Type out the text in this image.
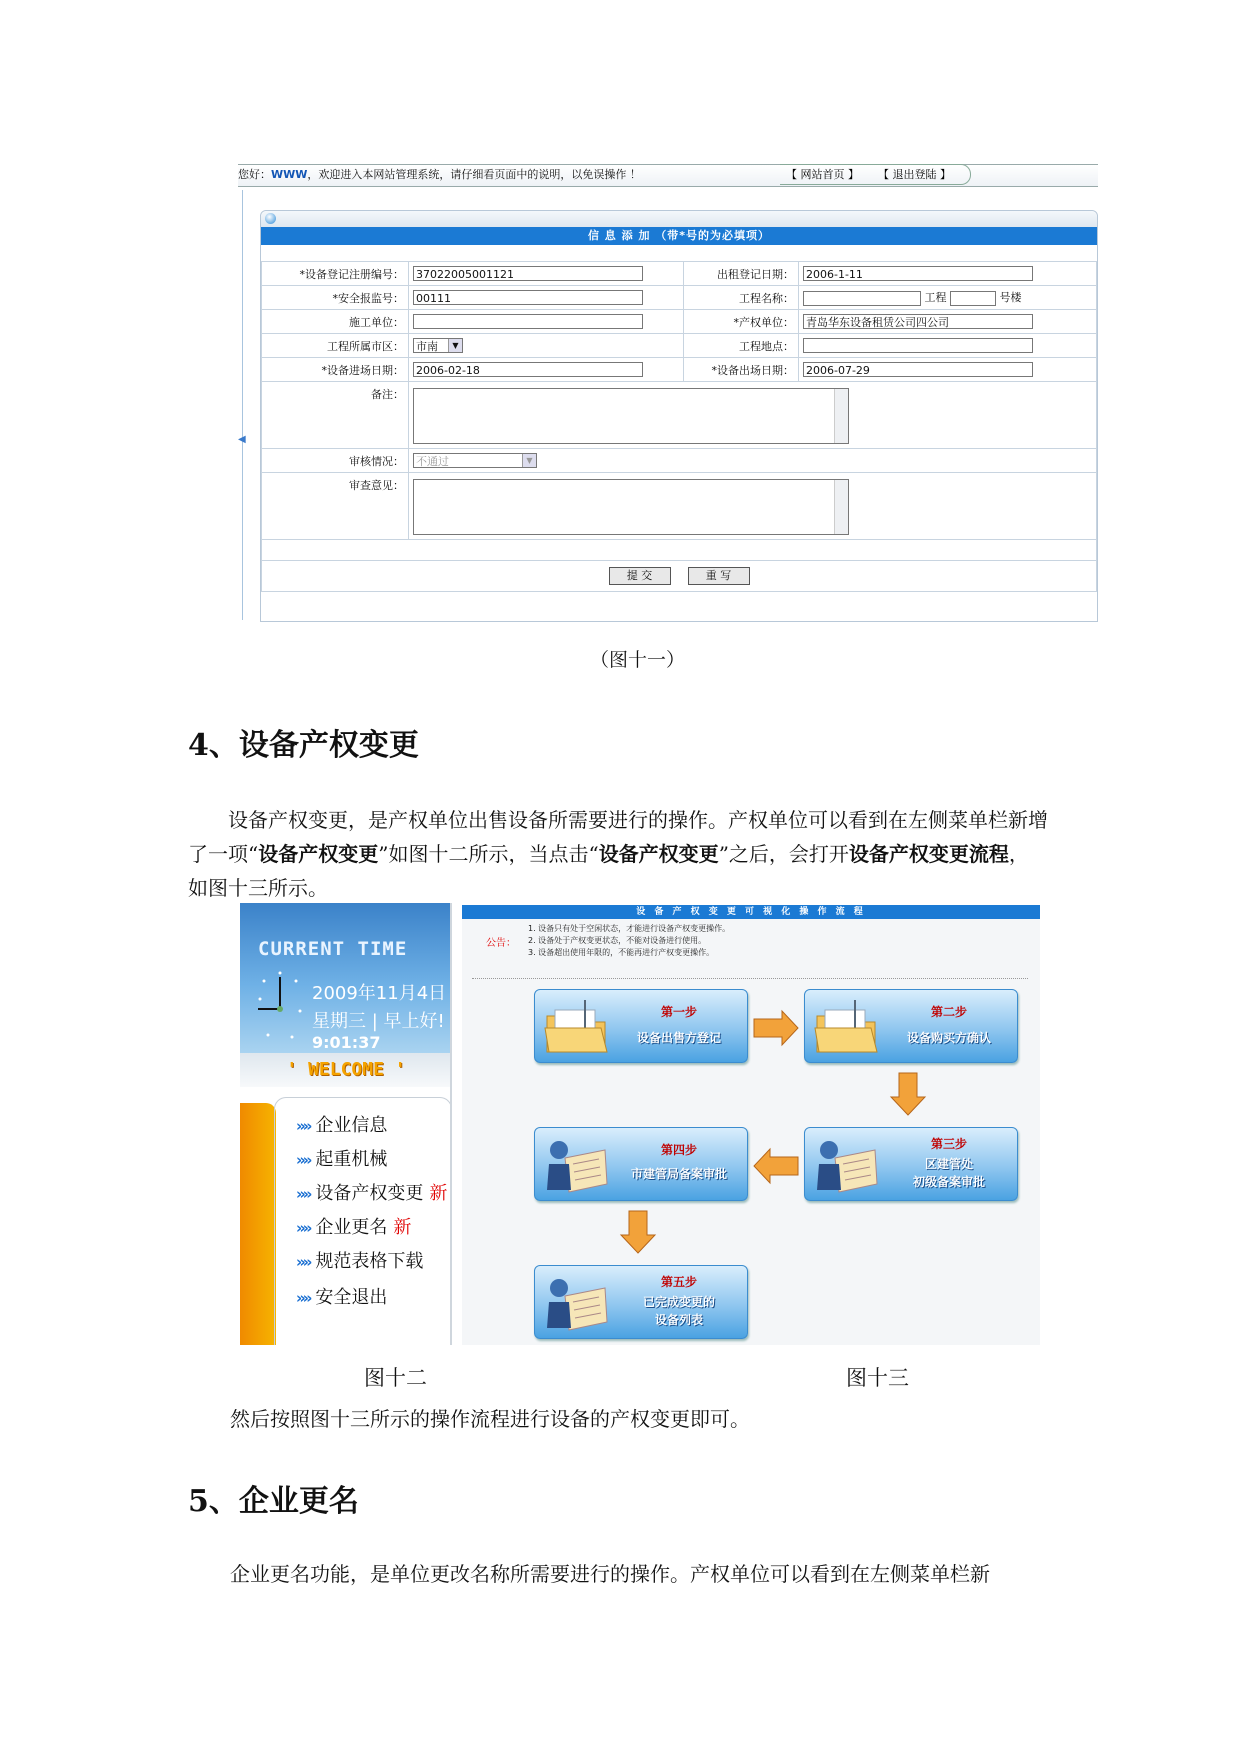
您好：WWW，欢迎进入本网站管理系统，请仔细看页面中的说明，以免误操作 ！	【 网站首页 】 【 退出登陆 】
◀
信 息 添 加 （带*号的为必填项）
*设备登记注册编号：	37022005001121	出租登记日期：	2006-1-11
*安全报监号：	00111	工程名称：	工程 号楼
施工单位：		*产权单位：	青岛华东设备租赁公司四公司
工程所属市区：	市南 ▼	工程地点：	
*设备进场日期：	2006-02-18	*设备出场日期：	2006-07-29
备注：			

审核情况：	不通过 ▼		

审查意见：			

提 交 重 写			
（图十一）
4、设备产权变更

设备产权变更，是产权单位出售设备所需要进行的操作。产权单位可以看到在左侧菜单栏新增了一项“设备产权变更”如图十二所示，当点击“设备产权变更”之后，会打开设备产权变更流程，如图十三所示。

CURRENT TIME
2009年11月4日
星期三 | 早上好!
9:01:37
' WELCOME '
»» 企业信息
»» 起重机械
»» 设备产权变更 新
»» 企业更名 新
»» 规范表格下载
»» 安全退出
设 备 产 权 变 更 可 视 化 操 作 流 程
公告：
1. 设备只有处于空闲状态，才能进行设备产权变更操作。
2. 设备处于产权变更状态，不能对设备进行使用。
3. 设备超出使用年限的，不能再进行产权变更操作。
第一步
设备出售方登记
第二步
设备购买方确认
第三步
区建管处
初级备案审批
第四步
市建管局备案审批
第五步
已完成变更的
设备列表
图十二	图十三

然后按照图十三所示的操作流程进行设备的产权变更即可。

5、企业更名

企业更名功能，是单位更改名称所需要进行的操作。产权单位可以看到在左侧菜单栏新
